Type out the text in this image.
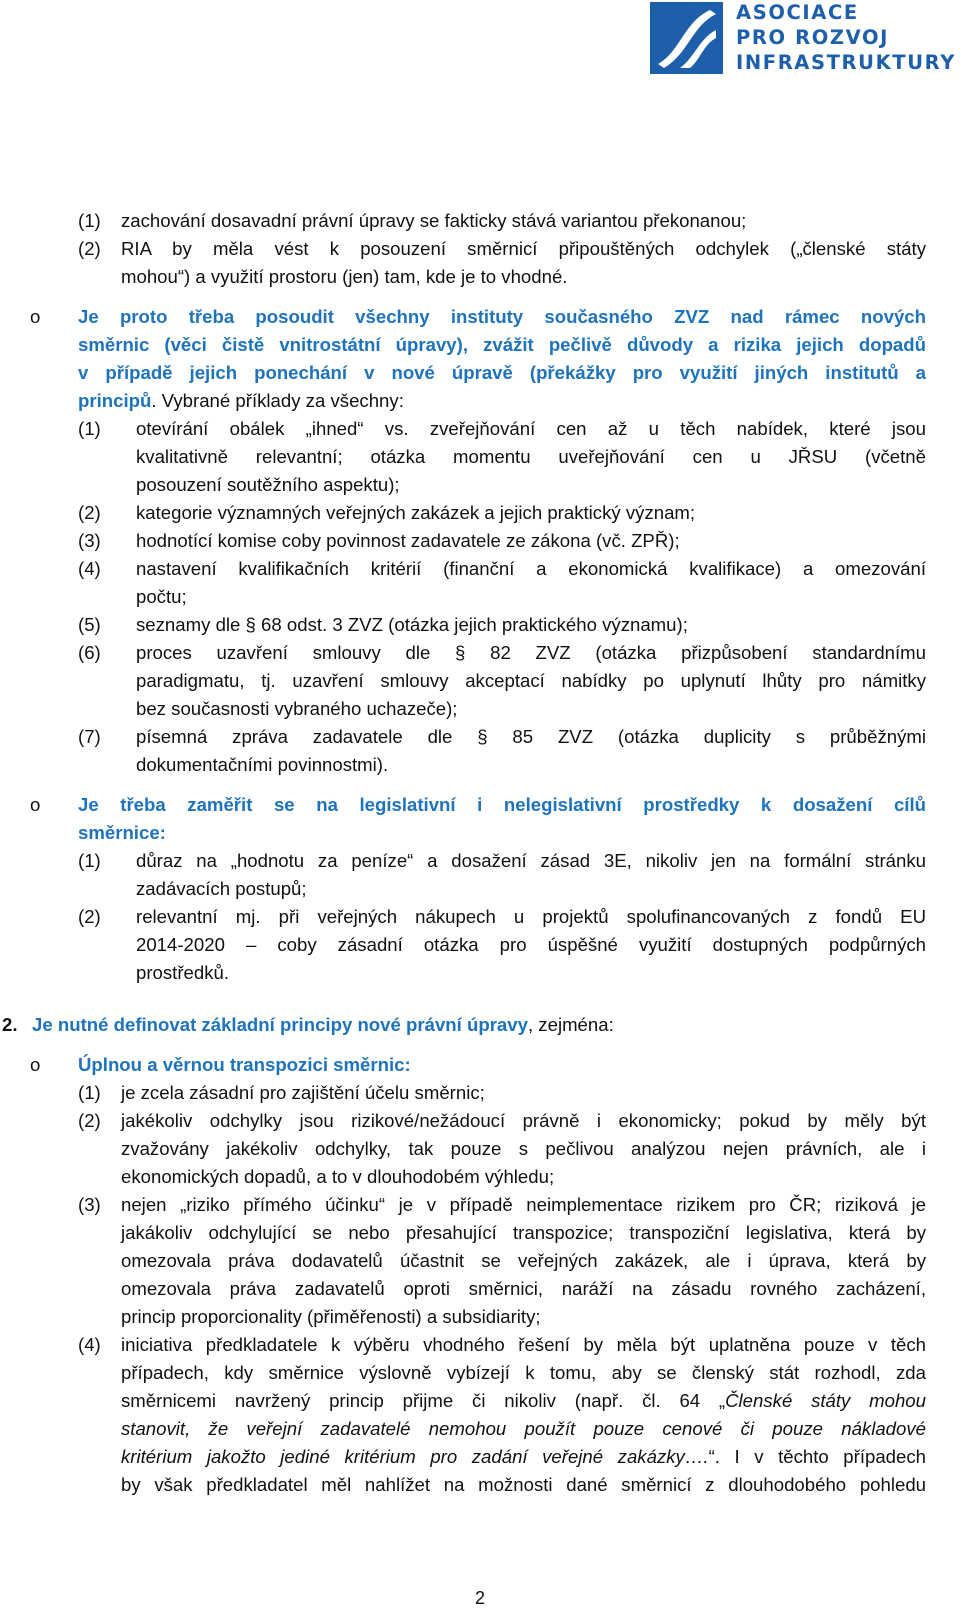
ASOCIACE
PRO ROZVOJ
INFRASTRUKTURY
(1) zachování dosavadní právní úpravy se fakticky stává variantou překonanou;
(2) RIA by měla vést k posouzení směrnicí připouštěných odchylek („členské státy
mohou“) a využití prostoru (jen) tam, kde je to vhodné.
o Je proto třeba posoudit všechny instituty současného ZVZ nad rámec nových
směrnic (věci čistě vnitrostátní úpravy), zvážit pečlivě důvody a rizika jejich dopadů
v případě jejich ponechání v nové úpravě (překážky pro využití jiných institutů a
principů. Vybrané příklady za všechny:
(1) otevírání obálek „ihned“ vs. zveřejňování cen až u těch nabídek, které jsou
kvalitativně relevantní; otázka momentu uveřejňování cen u JŘSU (včetně
posouzení soutěžního aspektu);
(2) kategorie významných veřejných zakázek a jejich praktický význam;
(3) hodnotící komise coby povinnost zadavatele ze zákona (vč. ZPŘ);
(4) nastavení kvalifikačních kritérií (finanční a ekonomická kvalifikace) a omezování
počtu;
(5) seznamy dle § 68 odst. 3 ZVZ (otázka jejich praktického významu);
(6) proces uzavření smlouvy dle § 82 ZVZ (otázka přizpůsobení standardnímu
paradigmatu, tj. uzavření smlouvy akceptací nabídky po uplynutí lhůty pro námitky
bez současnosti vybraného uchazeče);
(7) písemná zpráva zadavatele dle § 85 ZVZ (otázka duplicity s průběžnými
dokumentačními povinnostmi).
o Je třeba zaměřit se na legislativní i nelegislativní prostředky k dosažení cílů
směrnice:
(1) důraz na „hodnotu za peníze“ a dosažení zásad 3E, nikoliv jen na formální stránku
zadávacích postupů;
(2) relevantní mj. při veřejných nákupech u projektů spolufinancovaných z fondů EU
2014-2020 – coby zásadní otázka pro úspěšné využití dostupných podpůrných
prostředků.
2. Je nutné definovat základní principy nové právní úpravy, zejména:
o Úplnou a věrnou transpozici směrnic:
(1) je zcela zásadní pro zajištění účelu směrnic;
(2) jakékoliv odchylky jsou rizikové/nežádoucí právně i ekonomicky; pokud by měly být
zvažovány jakékoliv odchylky, tak pouze s pečlivou analýzou nejen právních, ale i
ekonomických dopadů, a to v dlouhodobém výhledu;
(3) nejen „riziko přímého účinku“ je v případě neimplementace rizikem pro ČR; riziková je
jakákoliv odchylující se nebo přesahující transpozice; transpoziční legislativa, která by
omezovala práva dodavatelů účastnit se veřejných zakázek, ale i úprava, která by
omezovala práva zadavatelů oproti směrnici, naráží na zásadu rovného zacházení,
princip proporcionality (přiměřenosti) a subsidiarity;
(4) iniciativa předkladatele k výběru vhodného řešení by měla být uplatněna pouze v těch
případech, kdy směrnice výslovně vybízejí k tomu, aby se členský stát rozhodl, zda
směrnicemi navržený princip přijme či nikoliv (např. čl. 64 „Členské státy mohou
stanovit, že veřejní zadavatelé nemohou použít pouze cenové či pouze nákladové
kritérium jakožto jediné kritérium pro zadání veřejné zakázky….“. I v těchto případech
by však předkladatel měl nahlížet na možnosti dané směrnicí z dlouhodobého pohledu
2
